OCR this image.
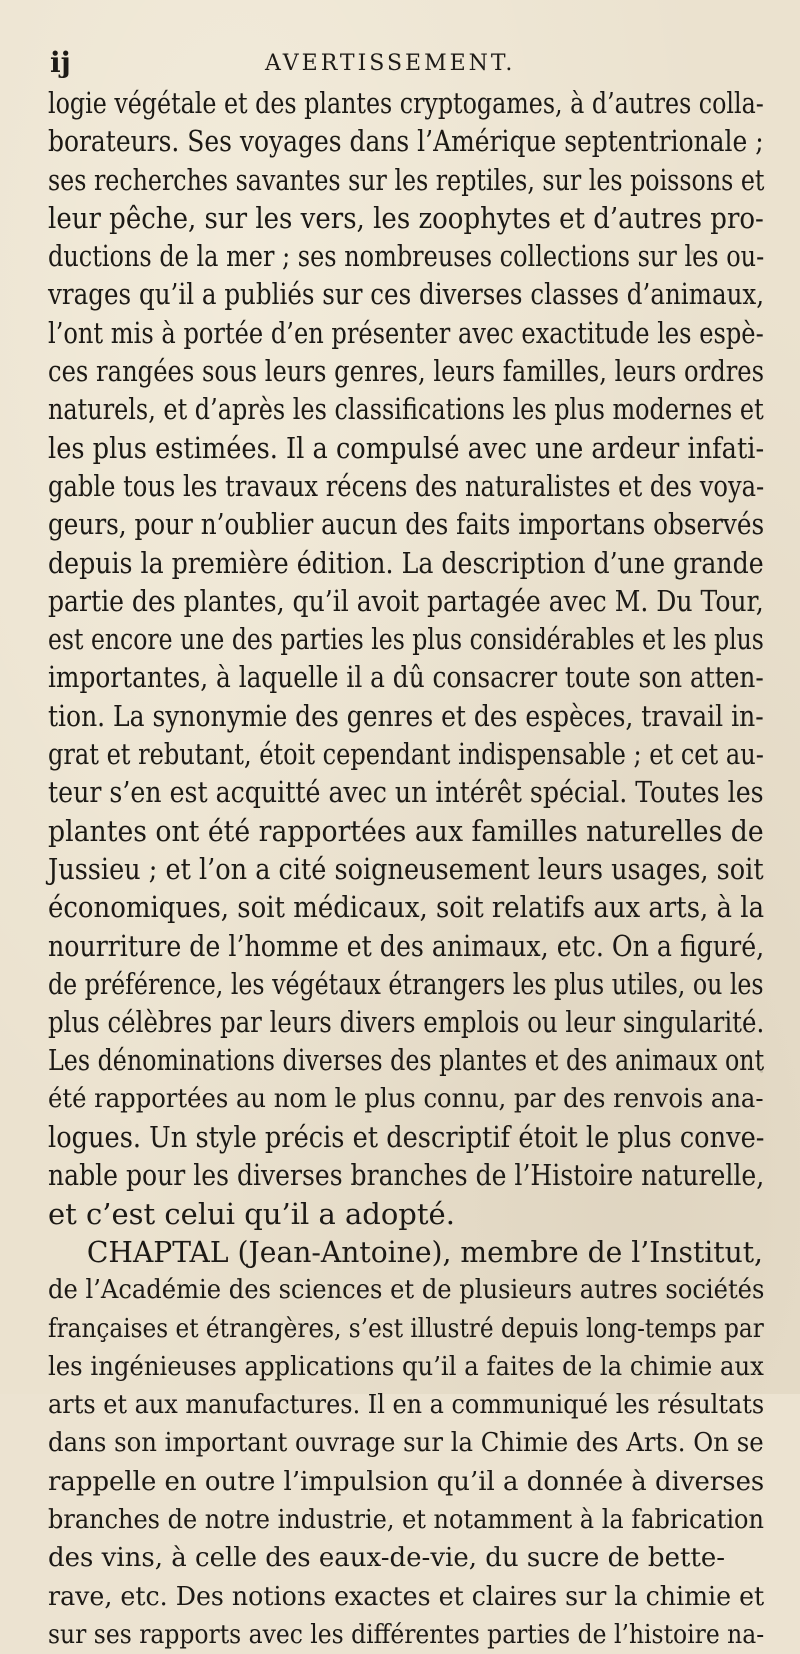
ij	AVERTISSEMENT.
logie végétale et des plantes cryptogames, à d’autres colla-
borateurs. Ses voyages dans l’Amérique septentrionale ;
ses recherches savantes sur les reptiles, sur les poissons et
leur pêche, sur les vers, les zoophytes et d’autres pro-
ductions de la mer ; ses nombreuses collections sur les ou-
vrages qu’il a publiés sur ces diverses classes d’animaux,
l’ont mis à portée d’en présenter avec exactitude les espè-
ces rangées sous leurs genres, leurs familles, leurs ordres
naturels, et d’après les classifications les plus modernes et
les plus estimées. Il a compulsé avec une ardeur infati-
gable tous les travaux récens des naturalistes et des voya-
geurs, pour n’oublier aucun des faits importans observés
depuis la première édition. La description d’une grande
partie des plantes, qu’il avoit partagée avec M. Du Tour,
est encore une des parties les plus considérables et les plus
importantes, à laquelle il a dû consacrer toute son atten-
tion. La synonymie des genres et des espèces, travail in-
grat et rebutant, étoit cependant indispensable ; et cet au-
teur s’en est acquitté avec un intérêt spécial. Toutes les
plantes ont été rapportées aux familles naturelles de
Jussieu ; et l’on a cité soigneusement leurs usages, soit
économiques, soit médicaux, soit relatifs aux arts, à la
nourriture de l’homme et des animaux, etc. On a figuré,
de préférence, les végétaux étrangers les plus utiles, ou les
plus célèbres par leurs divers emplois ou leur singularité.
Les dénominations diverses des plantes et des animaux ont
été rapportées au nom le plus connu, par des renvois ana-
logues. Un style précis et descriptif étoit le plus conve-
nable pour les diverses branches de l’Histoire naturelle,
et c’est celui qu’il a adopté.
CHAPTAL (Jean-Antoine), membre de l’Institut,
de l’Académie des sciences et de plusieurs autres sociétés
françaises et étrangères, s’est illustré depuis long-temps par
les ingénieuses applications qu’il a faites de la chimie aux
arts et aux manufactures. Il en a communiqué les résultats
dans son important ouvrage sur la Chimie des Arts. On se
rappelle en outre l’impulsion qu’il a donnée à diverses
branches de notre industrie, et notamment à la fabrication
des vins, à celle des eaux-de-vie, du sucre de bette-
rave, etc. Des notions exactes et claires sur la chimie et
sur ses rapports avec les différentes parties de l’histoire na-
